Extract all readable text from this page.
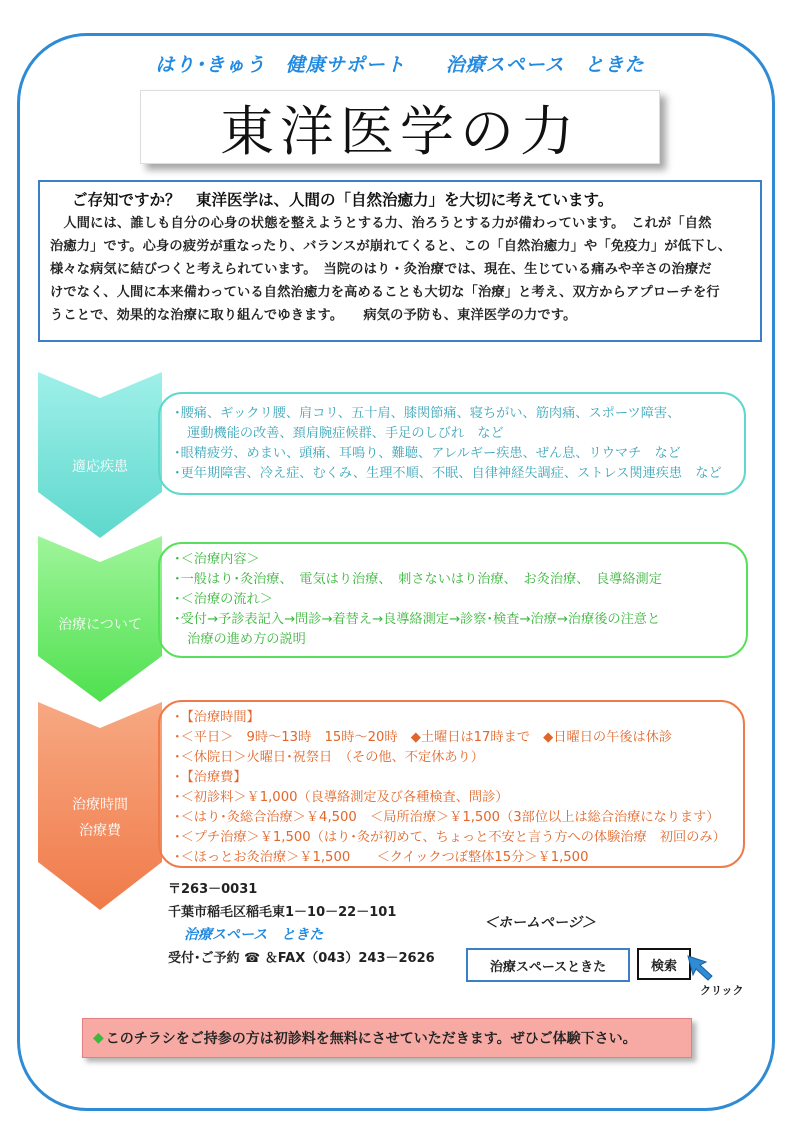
はり･きゅう　健康サポート　　治療スペース　ときた
東洋医学の力
ご存知ですか？　東洋医学は、人間の「自然治癒力」を大切に考えています。

　人間には、誰しも自分の心身の状態を整えようとする力、治ろうとする力が備わっています。　これが「自然

治癒力」です。心身の疲労が重なったり、バランスが崩れてくると、この「自然治癒力」や「免疫力」が低下し、

様々な病気に結びつくと考えられています。　当院のはり・灸治療では、現在、生じている痛みや辛さの治療だ

けでなく、人間に本来備わっている自然治癒力を高めることも大切な「治療」と考え、双方からアプローチを行

うことで、効果的な治療に取り組んでゆきます。　　病気の予防も、東洋医学の力です。

適応疾患
･腰痛、ギックリ腰、肩コリ、五十肩、膝関節痛、寝ちがい、筋肉痛、スポーツ障害、
　運動機能の改善、頚肩腕症候群、手足のしびれ　など
･眼精疲労、めまい、頭痛、耳鳴り、難聴、アレルギー疾患、ぜん息、リウマチ　など
･更年期障害、冷え症、むくみ、生理不順、不眠、自律神経失調症、ストレス関連疾患　など
治療について
･＜治療内容＞
･一般はり･灸治療、　電気はり治療、　刺さないはり治療、　お灸治療、　良導絡測定
･＜治療の流れ＞
･受付→予診表記入→問診→着替え→良導絡測定→診察･検査→治療→治療後の注意と
　治療の進め方の説明
治療時間
治療費
･【治療時間】
･＜平日＞　9時～13時　15時～20時　◆土曜日は17時まで　◆日曜日の午後は休診
･＜休院日＞火曜日･祝祭日　（その他、不定休あり）
･【治療費】
･＜初診料＞￥1,000（良導絡測定及び各種検査、問診）
･＜はり･灸総合治療＞￥4,500　＜局所治療＞￥1,500（3部位以上は総合治療になります）
･＜プチ治療＞￥1,500（はり･灸が初めて、ちょっと不安と言う方への体験治療　初回のみ）
･＜ほっとお灸治療＞￥1,500　　＜クイックつぼ整体15分＞￥1,500
〒263－0031
千葉市稲毛区稲毛東1－10－22－101
治療スペース　ときた
受付･ご予約 ☎ ＆FAX（043）243－2626
＜ホームページ＞
治療スペースときた	検索
クリック
◆ このチラシをご持参の方は初診料を無料にさせていただきます。ぜひご体験下さい。
